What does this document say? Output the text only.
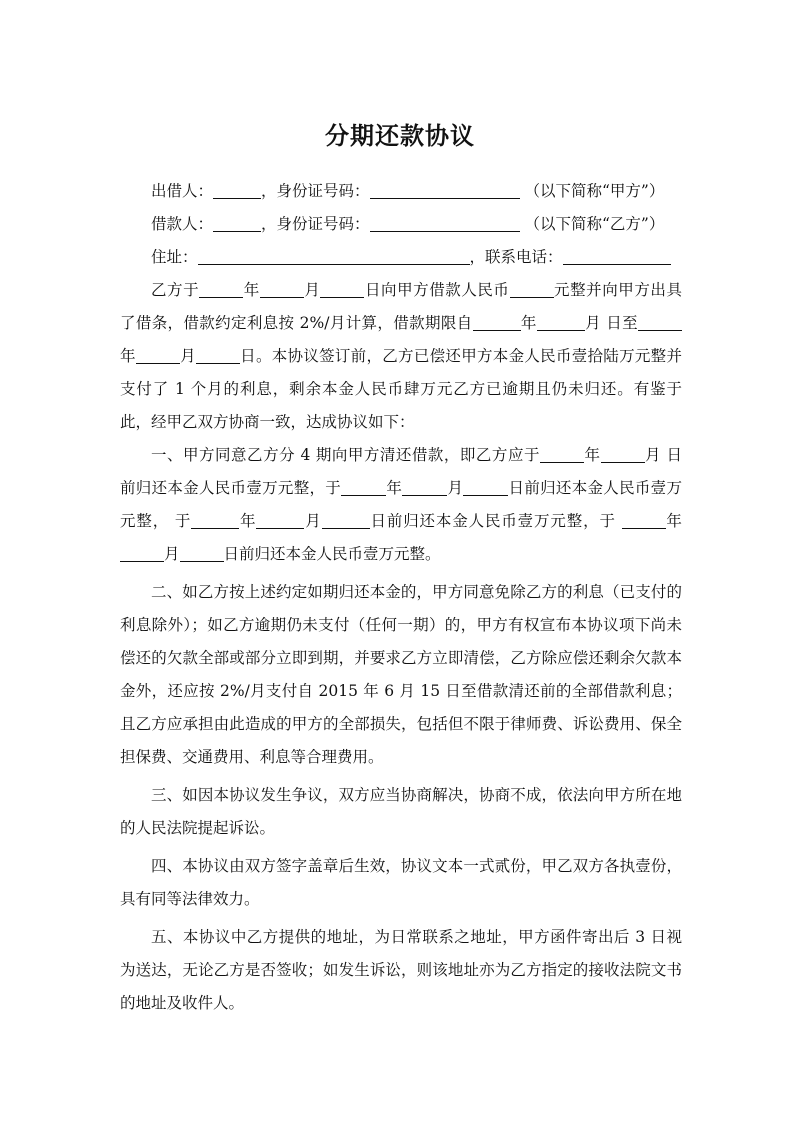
分期还款协议
出借人：	，身份证号码：	（以下简称“甲方”）
借款人：	，身份证号码：	（以下简称“乙方”）
住址：	，联系电话：
乙方于	年	月	日向甲方借款人民币	元整并向甲方出具了借条，借款约定利息按 2%/月计算，借款期限自	年	月 日至年	月	日。本协议签订前，乙方已偿还甲方本金人民币壹拾陆万元整并支付了 1 个月的利息，剩余本金人民币肆万元乙方已逾期且仍未归还。有鉴于此，经甲乙双方协商一致，达成协议如下：
一、甲方同意乙方分 4 期向甲方清还借款，即乙方应于	年	月 日前归还本金人民币壹万元整，于	年	月	日前归还本金人民币壹万元整， 于	年	月	日前归还本金人民币壹万元整，于	年月	日前归还本金人民币壹万元整。
二、如乙方按上述约定如期归还本金的，甲方同意免除乙方的利息（已支付的利息除外）；如乙方逾期仍未支付（任何一期）的，甲方有权宣布本协议项下尚未偿还的欠款全部或部分立即到期，并要求乙方立即清偿，乙方除应偿还剩余欠款本金外，还应按 2%/月支付自 2015 年 6 月 15 日至借款清还前的全部借款利息；且乙方应承担由此造成的甲方的全部损失，包括但不限于律师费、诉讼费用、保全担保费、交通费用、利息等合理费用。
三、如因本协议发生争议，双方应当协商解决，协商不成，依法向甲方所在地的人民法院提起诉讼。
四、本协议由双方签字盖章后生效，协议文本一式贰份，甲乙双方各执壹份，具有同等法律效力。
五、本协议中乙方提供的地址，为日常联系之地址，甲方函件寄出后 3 日视为送达，无论乙方是否签收；如发生诉讼，则该地址亦为乙方指定的接收法院文书的地址及收件人。
